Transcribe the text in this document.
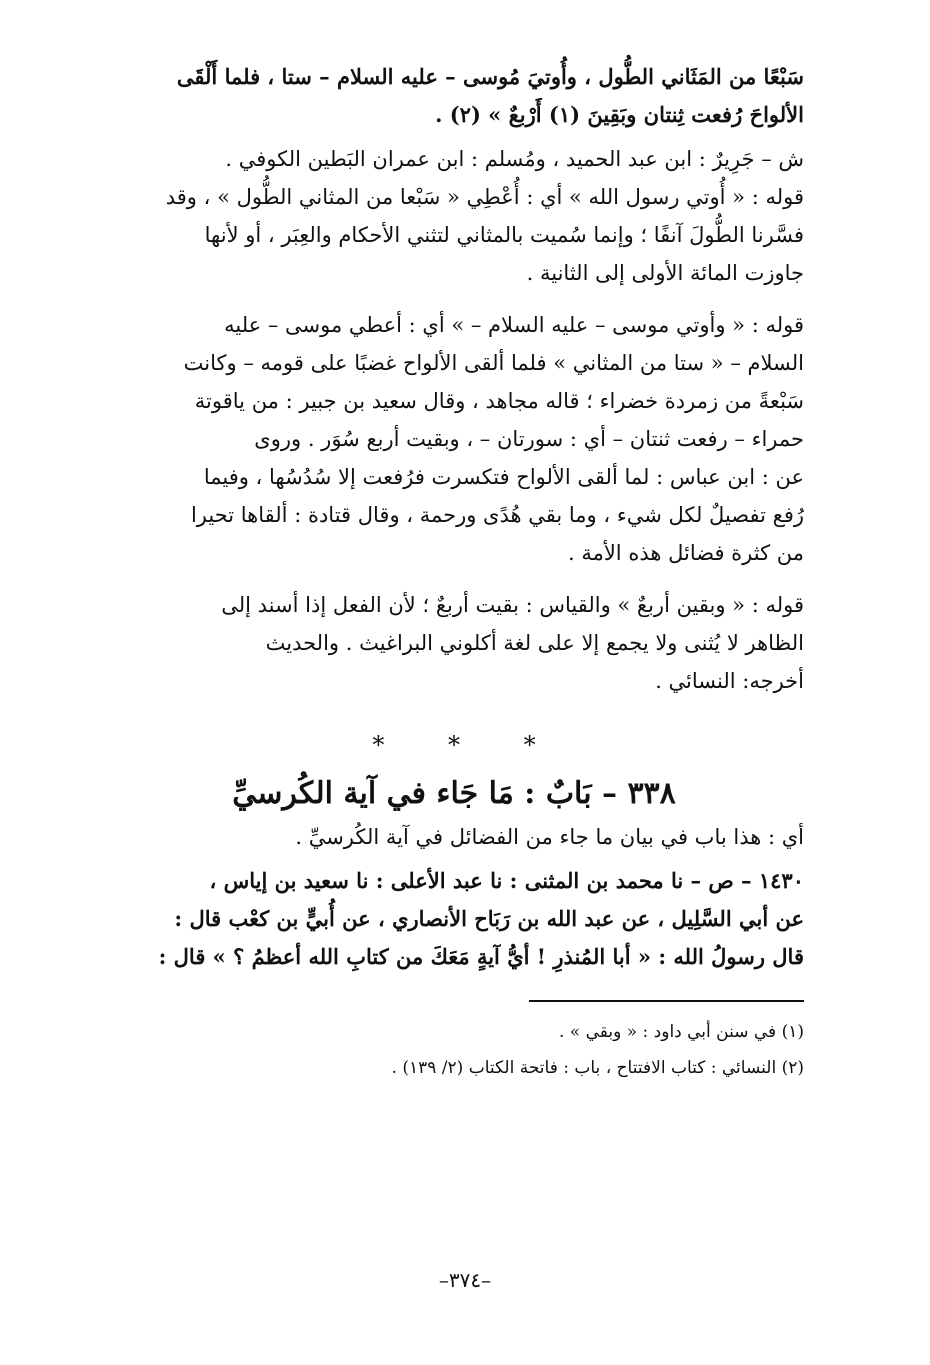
سَبْعًا من المَثَاني الطُّول ، وأُوتيَ مُوسى – عليه السلام – ستا ، فلما أَلْقَى
الألواحَ رُفعت ثِنتان وبَقِينَ (١) أَرْبعٌ » (٢) .
ش – جَرِيرٌ : ابن عبد الحميد ، ومُسلم : ابن عمران البَطين الكوفي .
قوله : « أُوتي رسول الله » أي : أُعْطِي « سَبْعا من المثاني الطُّول » ، وقد
فسَّرنا الطُّولَ آنفًا ؛ وإنما سُميت بالمثاني لتثني الأحكام والعِبَر ، أو لأنها
جاوزت المائة الأولى إلى الثانية .
قوله : « وأوتي موسى – عليه السلام – » أي : أعطي موسى – عليه
السلام – « ستا من المثاني » فلما ألقى الألواح غضبًا على قومه – وكانت
سَبْعةً من زمردة خضراء ؛ قاله مجاهد ، وقال سعيد بن جبير : من ياقوتة
حمراء – رفعت ثنتان – أي : سورتان – ، وبقيت أربع سُوَر . وروى
عن : ابن عباس : لما ألقى الألواح فتكسرت فرُفعت إلا سُدُسُها ، وفيما
رُفع تفصيلٌ لكل شيء ، وما بقي هُدًى ورحمة ، وقال قتادة : ألقاها تحيرا
من كثرة فضائل هذه الأمة .
قوله : « وبقين أربعٌ » والقياس : بقيت أربعٌ ؛ لأن الفعل إذا أسند إلى
الظاهر لا يُثنى ولا يجمع إلا على لغة أكلوني البراغيث . والحديث
أخرجه: النسائي .
* * *
٣٣٨ – بَابٌ : مَا جَاء في آية الكُرسيِّ
أي : هذا باب في بيان ما جاء من الفضائل في آية الكُرسيِّ .
١٤٣٠ – ص – نا محمد بن المثنى : نا عبد الأعلى : نا سعيد بن إياس ،
عن أبي السَّلِيل ، عن عبد الله بن رَبَاح الأنصاري ، عن أُبيٍّ بن كعْب قال :
قال رسولُ الله : « أبا المُنذرِ ! أيُّ آيةٍ مَعَكَ من كتابِ الله أعظمُ ؟ » قال :

(١) في سنن أبي داود : « وبقي » .

(٢) النسائي : كتاب الافتتاح ، باب : فاتحة الكتاب (٢/ ١٣٩) .

–٣٧٤–
